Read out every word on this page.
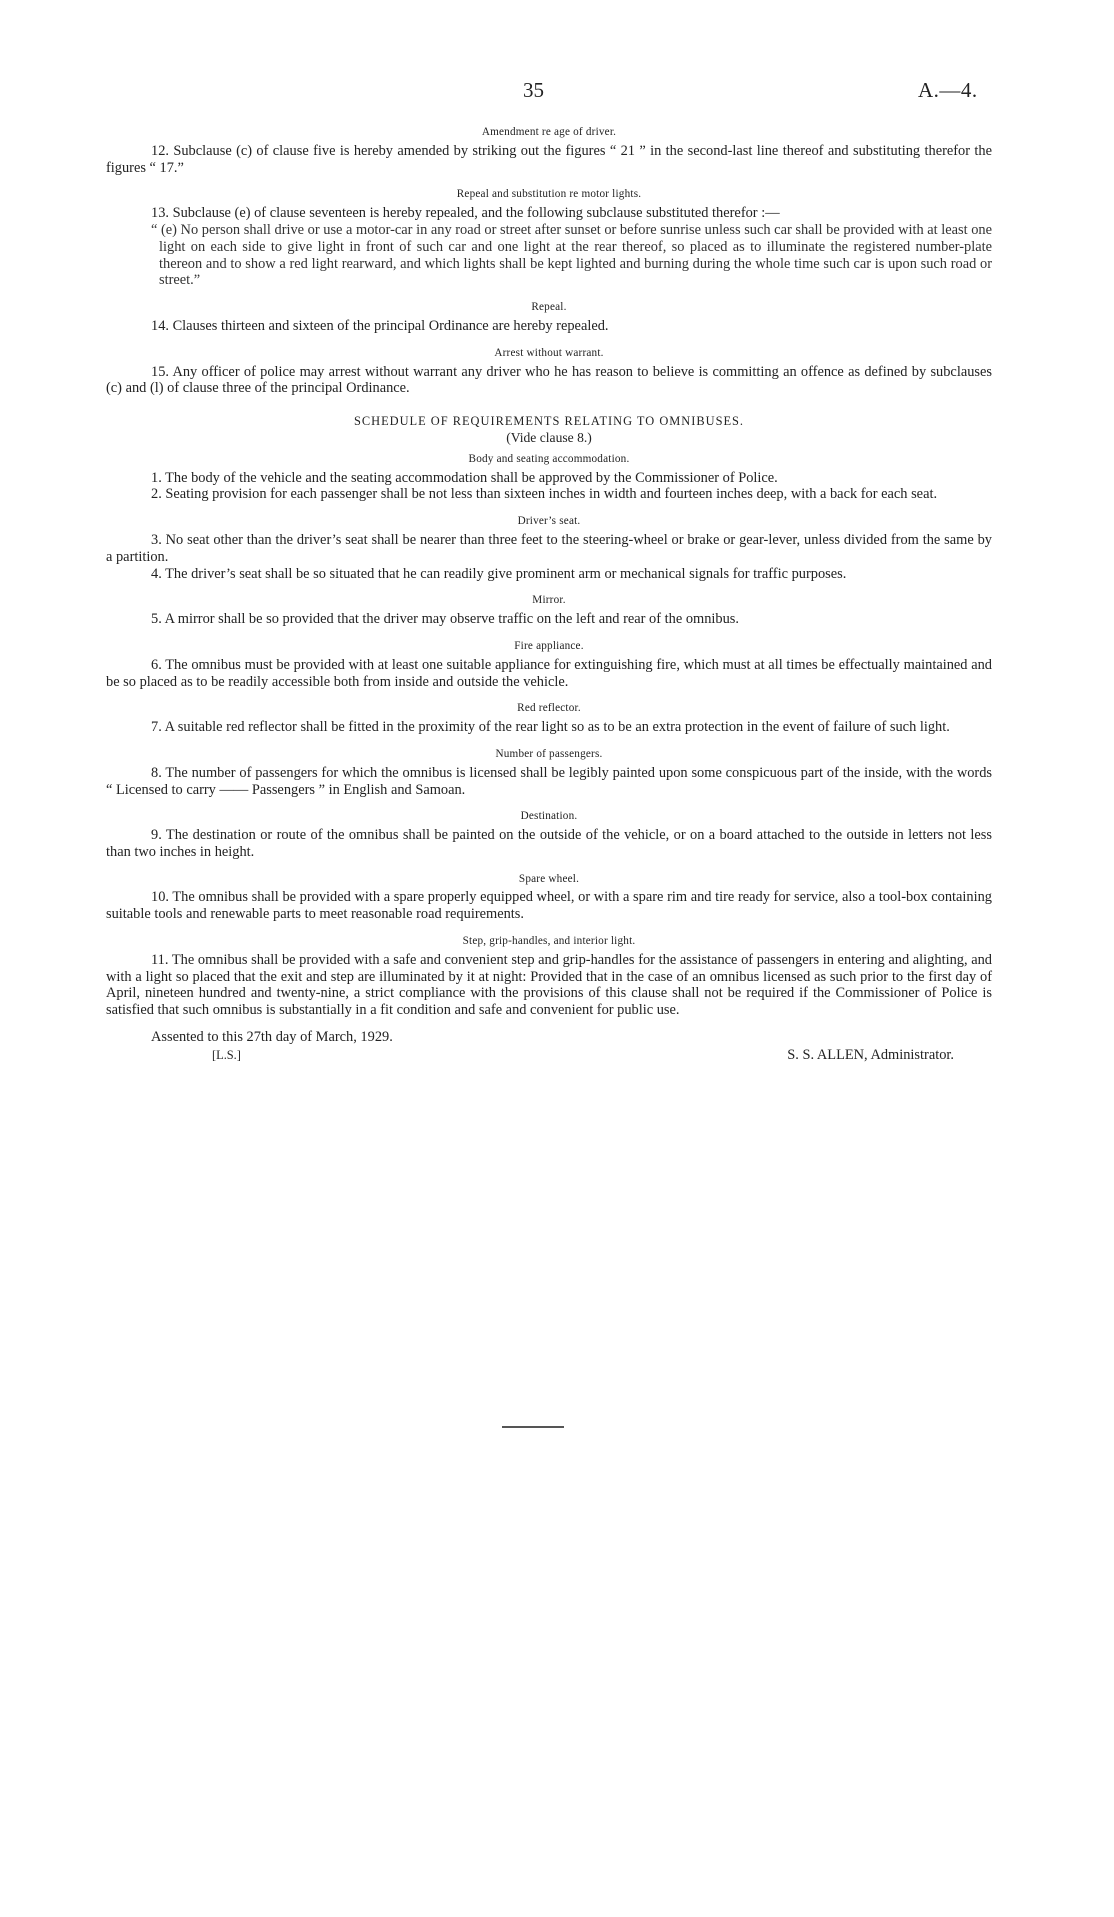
35	A.—4.
Amendment re age of driver.

12. Subclause (c) of clause five is hereby amended by striking out the figures “ 21 ” in the second-last line thereof and substituting therefor the figures “ 17.”

Repeal and substitution re motor lights.

13. Subclause (e) of clause seventeen is hereby repealed, and the following subclause substituted therefor :—

“ (e) No person shall drive or use a motor-car in any road or street after sunset or before sunrise unless such car shall be provided with at least one light on each side to give light in front of such car and one light at the rear thereof, so placed as to illuminate the registered number-plate thereon and to show a red light rearward, and which lights shall be kept lighted and burning during the whole time such car is upon such road or street.”

Repeal.

14. Clauses thirteen and sixteen of the principal Ordinance are hereby repealed.

Arrest without warrant.

15. Any officer of police may arrest without warrant any driver who he has reason to believe is committing an offence as defined by subclauses (c) and (l) of clause three of the principal Ordinance.

SCHEDULE OF REQUIREMENTS RELATING TO OMNIBUSES.
(Vide clause 8.)
Body and seating accommodation.

1. The body of the vehicle and the seating accommodation shall be approved by the Commissioner of Police.

2. Seating provision for each passenger shall be not less than sixteen inches in width and fourteen inches deep, with a back for each seat.

Driver’s seat.

3. No seat other than the driver’s seat shall be nearer than three feet to the steering-wheel or brake or gear-lever, unless divided from the same by a partition.

4. The driver’s seat shall be so situated that he can readily give prominent arm or mechanical signals for traffic purposes.

Mirror.

5. A mirror shall be so provided that the driver may observe traffic on the left and rear of the omnibus.

Fire appliance.

6. The omnibus must be provided with at least one suitable appliance for extinguishing fire, which must at all times be effectually maintained and be so placed as to be readily accessible both from inside and outside the vehicle.

Red reflector.

7. A suitable red reflector shall be fitted in the proximity of the rear light so as to be an extra protection in the event of failure of such light.

Number of passengers.

8. The number of passengers for which the omnibus is licensed shall be legibly painted upon some conspicuous part of the inside, with the words “ Licensed to carry —— Passengers ” in English and Samoan.

Destination.

9. The destination or route of the omnibus shall be painted on the outside of the vehicle, or on a board attached to the outside in letters not less than two inches in height.

Spare wheel.

10. The omnibus shall be provided with a spare properly equipped wheel, or with a spare rim and tire ready for service, also a tool-box containing suitable tools and renewable parts to meet reasonable road requirements.

Step, grip-handles, and interior light.

11. The omnibus shall be provided with a safe and convenient step and grip-handles for the assistance of passengers in entering and alighting, and with a light so placed that the exit and step are illuminated by it at night: Provided that in the case of an omnibus licensed as such prior to the first day of April, nineteen hundred and twenty-nine, a strict compliance with the provisions of this clause shall not be required if the Commissioner of Police is satisfied that such omnibus is substantially in a fit condition and safe and convenient for public use.

Assented to this 27th day of March, 1929.
[L.S.]	S. S. ALLEN, Administrator.
